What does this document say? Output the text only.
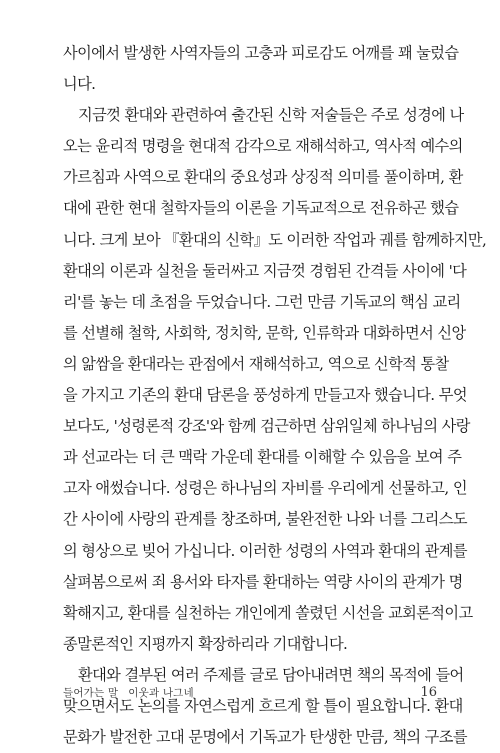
사이에서 발생한 사역자들의 고충과 피로감도 어깨를 꽤 눌렀습
니다.
지금껏 환대와 관련하여 출간된 신학 저술들은 주로 성경에 나
오는 윤리적 명령을 현대적 감각으로 재해석하고, 역사적 예수의
가르침과 사역으로 환대의 중요성과 상징적 의미를 풀이하며, 환
대에 관한 현대 철학자들의 이론을 기독교적으로 전유하곤 했습
니다. 크게 보아 『환대의 신학』도 이러한 작업과 궤를 함께하지만,
환대의 이론과 실천을 둘러싸고 지금껏 경험된 간격들 사이에 '다
리'를 놓는 데 초점을 두었습니다. 그런 만큼 기독교의 핵심 교리
를 선별해 철학, 사회학, 정치학, 문학, 인류학과 대화하면서 신앙
의 앎쌈을 환대라는 관점에서 재해석하고, 역으로 신학적 통찰
을 가지고 기존의 환대 담론을 풍성하게 만들고자 했습니다. 무엇
보다도, '성령론적 강조'와 함께 검근하면 삼위일체 하나님의 사랑
과 선교라는 더 큰 맥락 가운데 환대를 이해할 수 있음을 보여 주
고자 애썼습니다. 성령은 하나님의 자비를 우리에게 선물하고, 인
간 사이에 사랑의 관계를 창조하며, 불완전한 나와 너를 그리스도
의 형상으로 빚어 가십니다. 이러한 성령의 사역과 환대의 관계를
살펴봄으로써 죄 용서와 타자를 환대하는 역량 사이의 관계가 명
확해지고, 환대를 실천하는 개인에게 쏠렸던 시선을 교회론적이고
종말론적인 지평까지 확장하리라 기대합니다.
환대와 결부된 여러 주제를 글로 담아내려면 책의 목적에 들어
맞으면서도 논의를 자연스럽게 흐르게 할 틀이 필요합니다. 환대
문화가 발전한 고대 문명에서 기독교가 탄생한 만큼, 책의 구조를
들어가는 말 이웃과 나그네	16
